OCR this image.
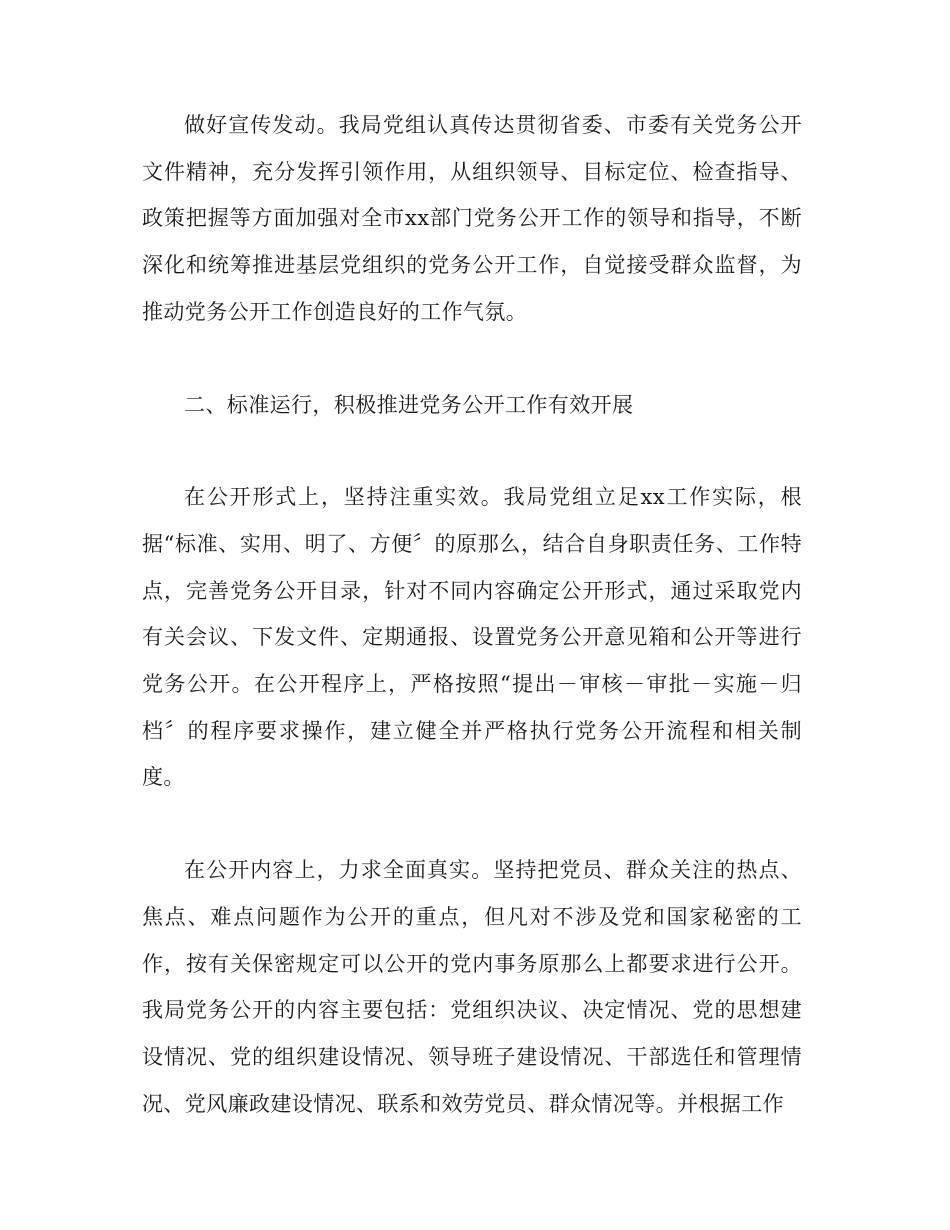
做好宣传发动。我局党组认真传达贯彻省委、市委有关党务公开文件精神，充分发挥引领作用，从组织领导、目标定位、检查指导、政策把握等方面加强对全市xx部门党务公开工作的领导和指导，不断深化和统筹推进基层党组织的党务公开工作，自觉接受群众监督，为推动党务公开工作创造良好的工作气氛。

二、标准运行，积极推进党务公开工作有效开展

在公开形式上，坚持注重实效。我局党组立足xx工作实际，根据“标准、实用、明了、方便〞的原那么，结合自身职责任务、工作特点，完善党务公开目录，针对不同内容确定公开形式，通过采取党内有关会议、下发文件、定期通报、设置党务公开意见箱和公开等进行党务公开。在公开程序上，严格按照“提出－审核－审批－实施－归档〞的程序要求操作，建立健全并严格执行党务公开流程和相关制度。

在公开内容上，力求全面真实。坚持把党员、群众关注的热点、焦点、难点问题作为公开的重点，但凡对不涉及党和国家秘密的工作，按有关保密规定可以公开的党内事务原那么上都要求进行公开。我局党务公开的内容主要包括：党组织决议、决定情况、党的思想建设情况、党的组织建设情况、领导班子建设情况、干部选任和管理情况、党风廉政建设情况、联系和效劳党员、群众情况等。并根据工作
